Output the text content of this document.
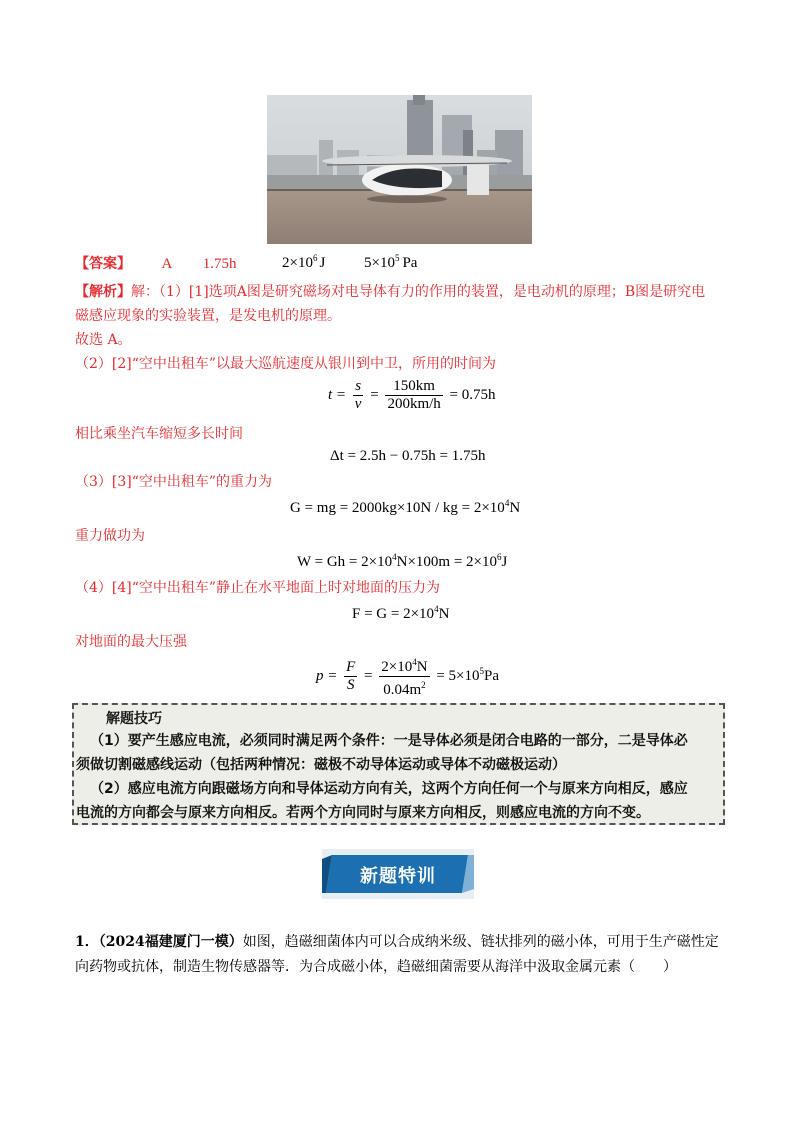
【答案】 A 1.75h	$2\times 10^6$ J	$5\times 10^5$ Pa
【解析】解：（1）[1]选项A图是研究磁场对电导体有力的作用的装置，是电动机的原理；B图是研究电
磁感应现象的实验装置，是发电机的原理。
故选 A。
（2）[2]“空中出租车”以最大巡航速度从银川到中卫，所用的时间为
$t = \frac{s}{v} = \frac{150km}{200km/h} = 0.75h$
相比乘坐汽车缩短多长时间
Δt = 2.5h − 0.75h = 1.75h
（3）[3]“空中出租车”的重力为
G = mg = 2000kg×10N / kg = $2\times 10^4N$
重力做功为
$W = Gh = 2\times 10^4N\times 100m = 2\times 10^6J$
（4）[4]“空中出租车”静止在水平地面上时对地面的压力为
$F = G = 2\times 10^4N$
对地面的最大压强
$p = \frac{F}{S} = \frac{2\times 10^4N}{0.04m^2} = 5\times 10^5Pa$
解题技巧
（1）要产生感应电流，必须同时满足两个条件：一是导体必须是闭合电路的一部分，二是导体必
须做切割磁感线运动（包括两种情况：磁极不动导体运动或导体不动磁极运动）
（2）感应电流方向跟磁场方向和导体运动方向有关，这两个方向任何一个与原来方向相反，感应
电流的方向都会与原来方向相反。若两个方向同时与原来方向相反，则感应电流的方向不变。
新题特训
1．（2024福建厦门一模）如图，趋磁细菌体内可以合成纳米级、链状排列的磁小体，可用于生产磁性定
向药物或抗体，制造生物传感器等．为合成磁小体，趋磁细菌需要从海洋中汲取金属元素（　　）
